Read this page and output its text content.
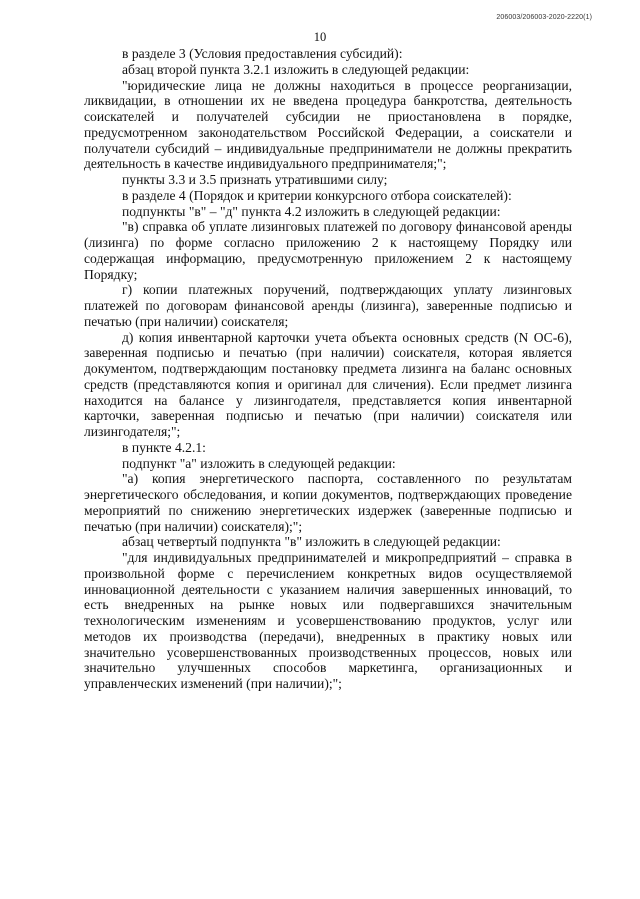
206003/206003-2020-2220(1)
10

в разделе 3 (Условия предоставления субсидий):

абзац второй пункта 3.2.1 изложить в следующей редакции:

"юридические лица не должны находиться в процессе реорганизации, ликвидации, в отношении их не введена процедура банкротства, деятельность соискателей и получателей субсидии не приостановлена в порядке, предусмотренном законодательством Российской Федерации, а соискатели и получатели субсидий – индивидуальные предприниматели не должны прекратить деятельность в качестве индивидуального предпринимателя;";

пункты 3.3 и 3.5 признать утратившими силу;

в разделе 4 (Порядок и критерии конкурсного отбора соискателей):

подпункты "в" – "д" пункта 4.2 изложить в следующей редакции:

"в) справка об уплате лизинговых платежей по договору финансовой аренды (лизинга) по форме согласно приложению 2 к настоящему Порядку или содержащая информацию, предусмотренную приложением 2 к настоящему Порядку;

г) копии платежных поручений, подтверждающих уплату лизинговых платежей по договорам финансовой аренды (лизинга), заверенные подписью и печатью (при наличии) соискателя;

д) копия инвентарной карточки учета объекта основных средств (N ОС-6), заверенная подписью и печатью (при наличии) соискателя, которая является документом, подтверждающим постановку предмета лизинга на баланс основных средств (представляются копия и оригинал для сличения). Если предмет лизинга находится на балансе у лизингодателя, представляется копия инвентарной карточки, заверенная подписью и печатью (при наличии) соискателя или лизингодателя;";

в пункте 4.2.1:

подпункт "а" изложить в следующей редакции:

"а) копия энергетического паспорта, составленного по результатам энергетического обследования, и копии документов, подтверждающих проведение мероприятий по снижению энергетических издержек (заверенные подписью и печатью (при наличии) соискателя);";

абзац четвертый подпункта "в" изложить в следующей редакции:

"для индивидуальных предпринимателей и микропредприятий – справка в произвольной форме с перечислением конкретных видов осуществляемой инновационной деятельности с указанием наличия завершенных инноваций, то есть внедренных на рынке новых или подвергавшихся значительным технологическим изменениям и усовершенствованию продуктов, услуг или методов их производства (передачи), внедренных в практику новых или значительно усовершенствованных производственных процессов, новых или значительно улучшенных способов маркетинга, организационных и управленческих изменений (при наличии);";
